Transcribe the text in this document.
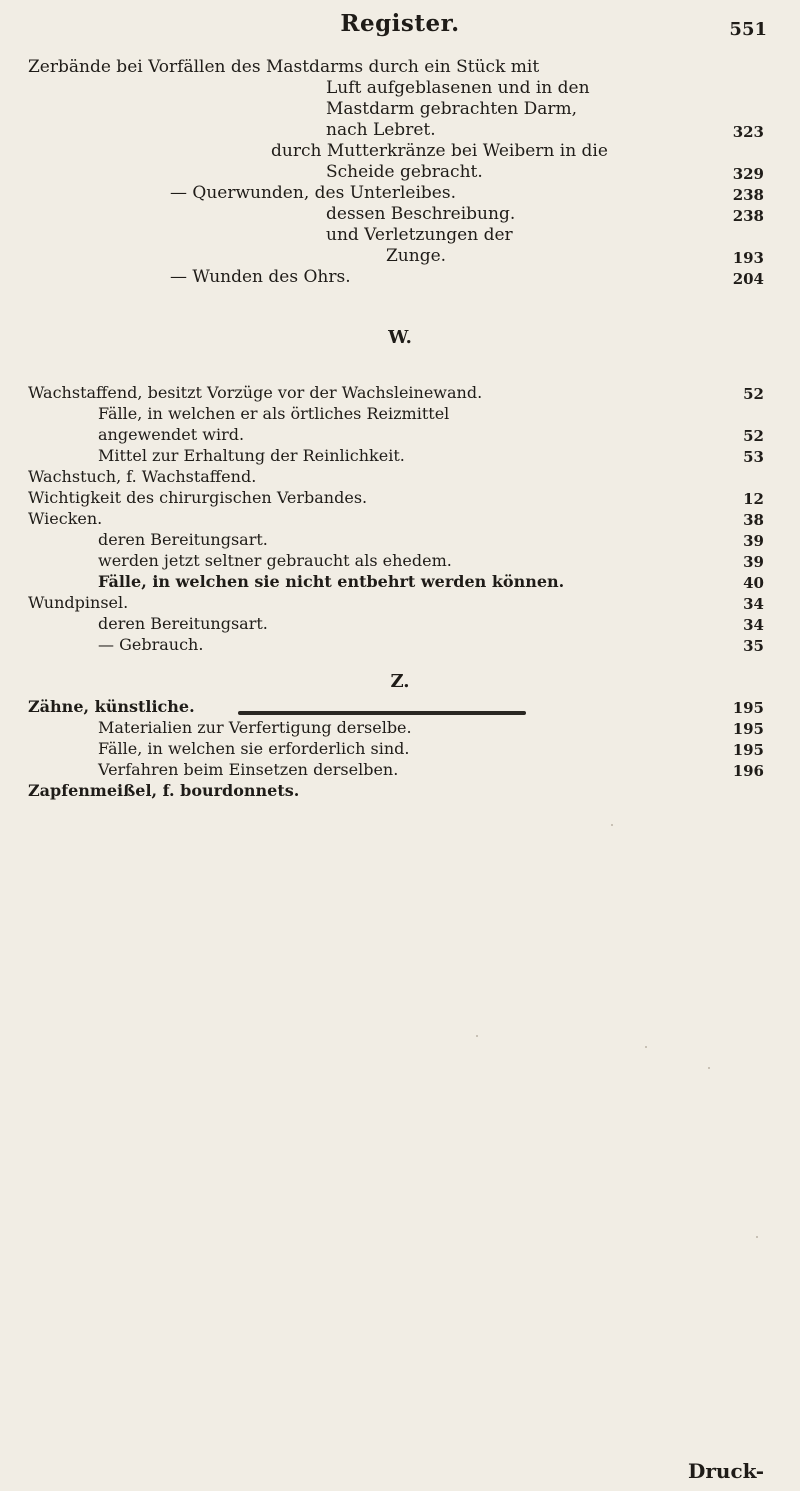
Register.	551
Zerbände bei Vorfällen des Mastdarms durch ein Stück mit
Luft aufgeblasenen und in den
Mastdarm gebrachten Darm,
nach Lebret.	323
durch Mutterkränze bei Weibern in die
Scheide gebracht.	329
— Querwunden, des Unterleibes.	238
dessen Beschreibung.	238
und Verletzungen der
Zunge.	193
— Wunden des Ohrs.	204
W.
Wachstaffend, besitzt Vorzüge vor der Wachsleinewand.	52
Fälle, in welchen er als örtliches Reizmittel
angewendet wird.	52
Mittel zur Erhaltung der Reinlichkeit.	53
Wachstuch, f. Wachstaffend.
Wichtigkeit des chirurgischen Verbandes.	12
Wiecken.	38
deren Bereitungsart.	39
werden jetzt seltner gebraucht als ehedem.	39
Fälle, in welchen sie nicht entbehrt werden können.	40
Wundpinsel.	34
deren Bereitungsart.	34
— Gebrauch.	35
Z.
Zähne, künstliche.	195
Materialien zur Verfertigung derselbe.	195
Fälle, in welchen sie erforderlich sind.	195
Verfahren beim Einsetzen derselben.	196
Zapfenmeißel, f. bourdonnets.
Druck-
